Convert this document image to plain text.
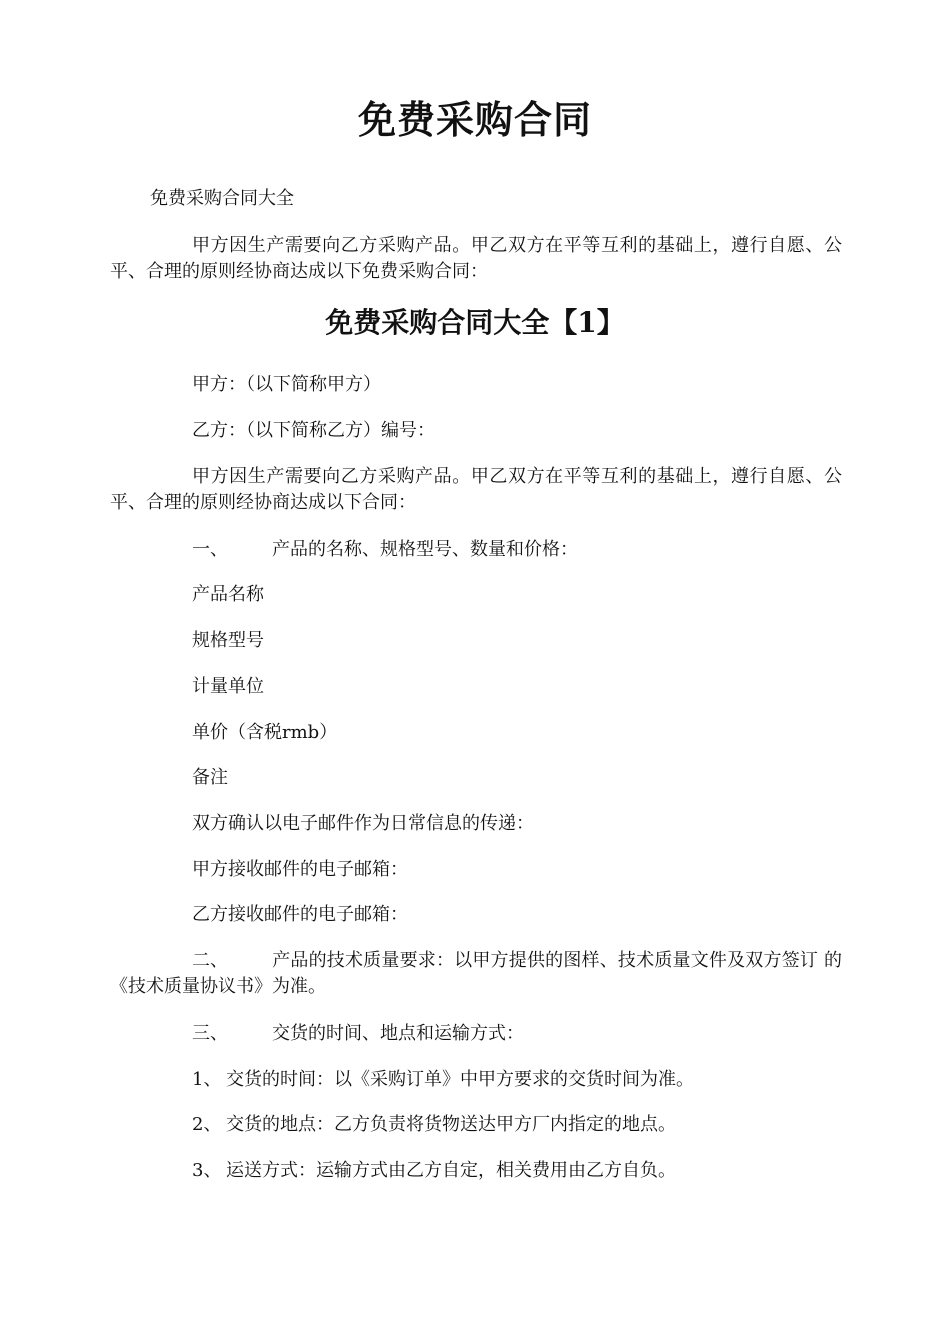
免费采购合同

免费采购合同大全

甲方因生产需要向乙方采购产品。甲乙双方在平等互利的基础上，遵行自愿、公平、合理的原则经协商达成以下免费采购合同：

免费采购合同大全【1】

甲方：（以下简称甲方）

乙方：（以下简称乙方）编号：

甲方因生产需要向乙方采购产品。甲乙双方在平等互利的基础上，遵行自愿、公平、合理的原则经协商达成以下合同：

一、 产品的名称、规格型号、数量和价格：

产品名称

规格型号

计量单位

单价（含税rmb）

备注

双方确认以电子邮件作为日常信息的传递：

甲方接收邮件的电子邮箱：

乙方接收邮件的电子邮箱：

二、 产品的技术质量要求：以甲方提供的图样、技术质量文件及双方签订 的《技术质量协议书》为准。

三、 交货的时间、地点和运输方式：

1、 交货的时间：以《采购订单》中甲方要求的交货时间为准。

2、 交货的地点：乙方负责将货物送达甲方厂内指定的地点。

3、 运送方式：运输方式由乙方自定，相关费用由乙方自负。
